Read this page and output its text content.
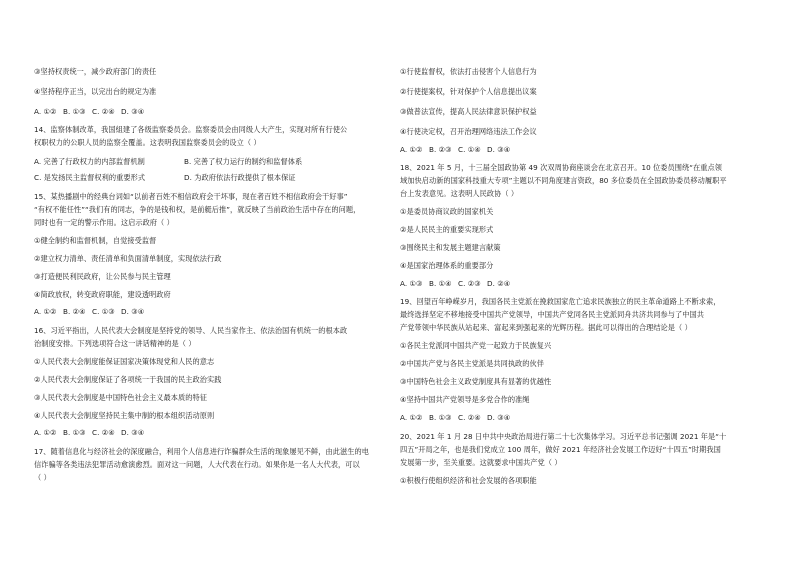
③坚持权责统一，减少政府部门的责任
④坚持程序正当，以完出台的规定为准
A. ①② B. ①③ C. ②④ D. ③④
14、监察体制改革，我国組建了各级监察委员会。监察委员会由同级人大产生，实现对所有行使公
权职权力的公职人员的监察全覆盖。这表明我国监察委员会的设立（ ）
A. 完善了行政权力的内部监督机制	B. 完善了权力运行的制约和监督体系
C. 是发扬民主监督权利的重要形式	D. 为政府依法行政提供了根本保证
15、某热播剧中的经典台词如“以前者百姓不相信政府会干坏事，现在者百姓不相信政府会干好事”
“有权不能任性”“我们有的同志，争的是钱和权，是前艇后推”，就反映了当前政治生活中存在的问题，
同时也有一定的警示作用。这启示政府（ ）
①健全制约和监督机制，自觉接受监督
②建立权力清单、责任清单和负面清单制度，实现依法行政
③打造便民利民政府，让公民参与民主管理
④简政放权，转变政府职能，建设透明政府
A. ①② B. ②④ C. ①③ D. ③④
16、习近平指出，人民代表大会制度是坚持党的领导、人民当家作主、依法治国有机统一的根本政
治制度安排。下列选项符合这一讲话精神的是（ ）
①人民代表大会制度能保证国家决策体现党和人民的意志
②人民代表大会制度保证了各项统一于我国的民主政治实践
③人民代表大会制度是中国特色社会主义最本质的特征
④人民代表大会制度坚持民主集中制的根本组织活动原则
A. ①② B. ①③ C. ②④ D. ③④
17、随着信息化与经济社会的深度融合，利用个人信息进行诈骗群众生活的现象屡见不鲜，由此滋生的电
信诈骗等各类违法犯罪活动愈演愈烈。面对这一问题，人大代表在行动。如果你是一名人大代表，可以
（ ）
①行使监督权，依法打击侵害个人信息行为
②行使提案权，针对保护个人信息提出议案
③做普法宣传，提高人民法律意识保护权益
④行使决定权，召开治理网络违法工作会议
A. ①② B. ②③ C. ①④ D. ③④
18、2021 年 5 月，十三届全国政协第 49 次双周协商座谈会在北京召开。10 位委员围绕“在重点领
域加快启动新的国家科技重大专项”主题以不同角度建言资政，80 多位委员在全国政协委员移动履职平
台上发表意见。这表明人民政协（ ）
①是委员协商议政的国家机关
②是人民民主的重要实现形式
③围绕民主和发展主题建言献策
④是国家治理体系的重要部分
A. ①③ B. ①④ C. ②③ D. ②④
19、回望百年峥嵘岁月，我国各民主党派在挽救国家危亡追求民族独立的民主革命道路上不断求索，
最终选择坚定不移地接受中国共产党领导，中国共产党同各民主党派同舟共济共同参与了中国共
产党带领中华民族从站起来、富起来到强起来的光辉历程。据此可以得出的合理结论是（ ）
①各民主党派同中国共产党一起致力于民族复兴
②中国共产党与各民主党派是共同执政的伙伴
③中国特色社会主义政党制度具有显著的优越性
④坚持中国共产党领导是多党合作的准绳
A. ①② B. ①③ C. ②④ D. ③④
20、2021 年 1 月 28 日中共中央政治局进行第二十七次集体学习。习近平总书记强调 2021 年是“十
四五”开局之年，也是我们党成立 100 周年，做好 2021 年经济社会发展工作迈好“十四五”时期我国
发展第一步，至关重要。这就要求中国共产党（ ）
①积极行使组织经济和社会发展的各项职能
